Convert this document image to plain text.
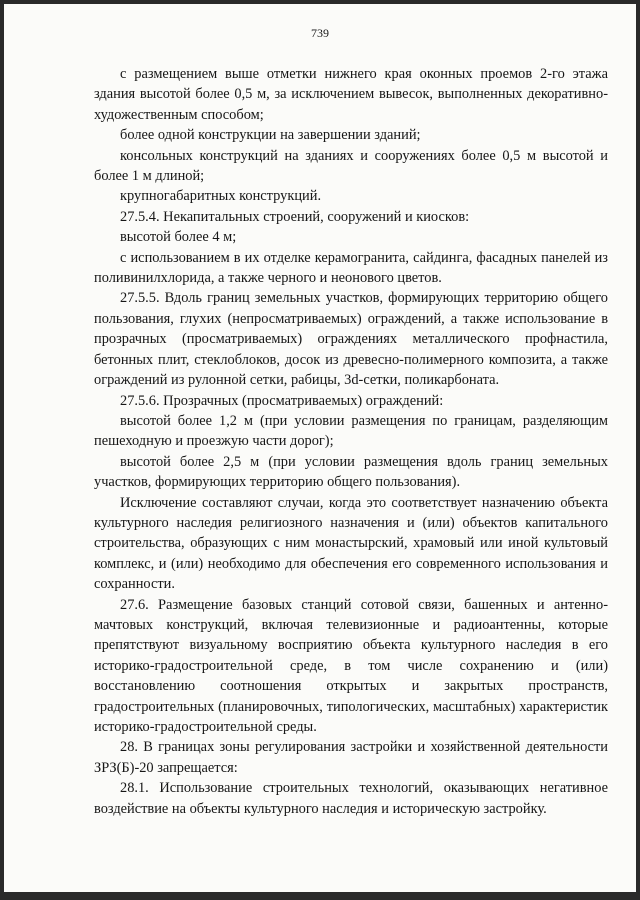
739

с размещением выше отметки нижнего края оконных проемов 2-го этажа здания высотой более 0,5 м, за исключением вывесок, выполненных декоративно-художественным способом;

более одной конструкции на завершении зданий;

консольных конструкций на зданиях и сооружениях более 0,5 м высотой и более 1 м длиной;

крупногабаритных конструкций.

27.5.4. Некапитальных строений, сооружений и киосков:

высотой более 4 м;

с использованием в их отделке керамогранита, сайдинга, фасадных панелей из поливинилхлорида, а также черного и неонового цветов.

27.5.5. Вдоль границ земельных участков, формирующих территорию общего пользования, глухих (непросматриваемых) ограждений, а также использование в прозрачных (просматриваемых) ограждениях металлического профнастила, бетонных плит, стеклоблоков, досок из древесно-полимерного композита, а также ограждений из рулонной сетки, рабицы, 3d-сетки, поликарбоната.

27.5.6. Прозрачных (просматриваемых) ограждений:

высотой более 1,2 м (при условии размещения по границам, разделяющим пешеходную и проезжую части дорог);

высотой более 2,5 м (при условии размещения вдоль границ земельных участков, формирующих территорию общего пользования).

Исключение составляют случаи, когда это соответствует назначению объекта культурного наследия религиозного назначения и (или) объектов капитального строительства, образующих с ним монастырский, храмовый или иной культовый комплекс, и (или) необходимо для обеспечения его современного использования и сохранности.

27.6. Размещение базовых станций сотовой связи, башенных и антенно-мачтовых конструкций, включая телевизионные и радиоантенны, которые препятствуют визуальному восприятию объекта культурного наследия в его историко-градостроительной среде, в том числе сохранению и (или) восстановлению соотношения открытых и закрытых пространств, градостроительных (планировочных, типологических, масштабных) характеристик историко-градостроительной среды.

28. В границах зоны регулирования застройки и хозяйственной деятельности ЗРЗ(Б)-20 запрещается:

28.1. Использование строительных технологий, оказывающих негативное воздействие на объекты культурного наследия и историческую застройку.
